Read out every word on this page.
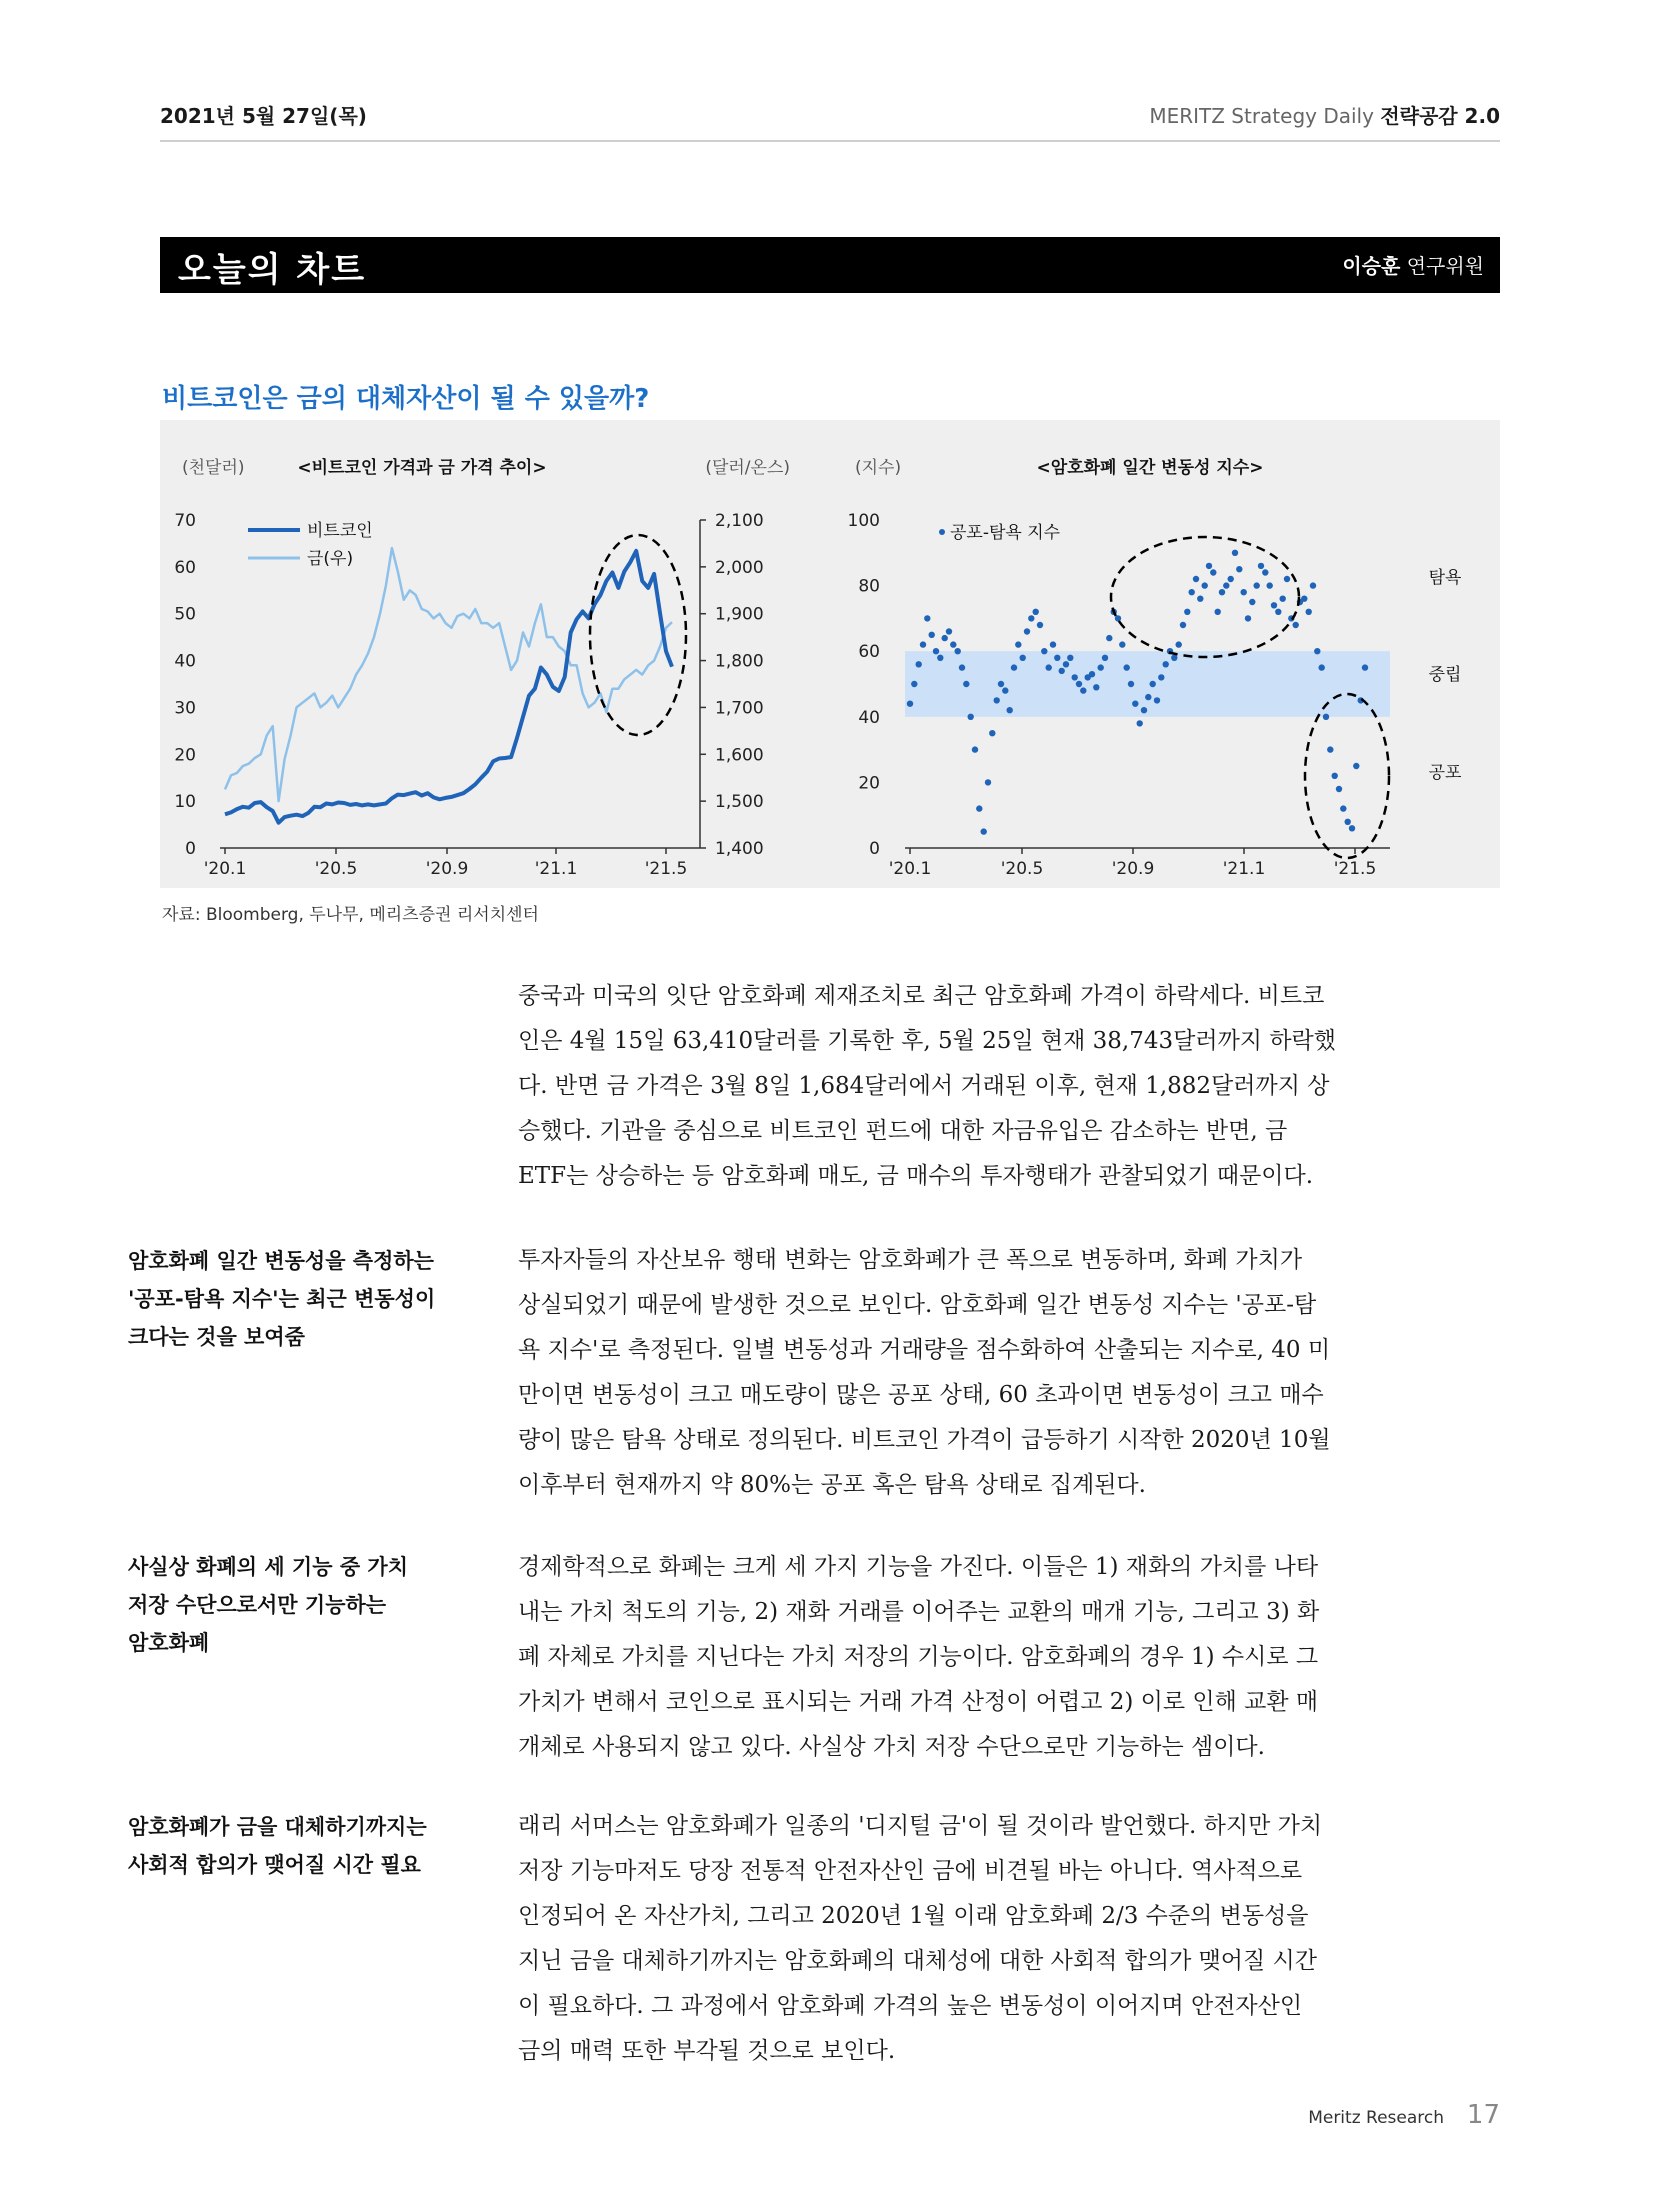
2021년 5월 27일(목)	MERITZ Strategy Daily 전략공감 2.0
오늘의 차트	이승훈 연구위원
비트코인은 금의 대체자산이 될 수 있을까?
(천달러)	<비트코인 가격과 금 가격 추이>	(달러/온스)
0
10
20
30
40
50
60
70
1,400
1,500
1,600
1,700
1,800
1,900
2,000
2,100
'20.1	'20.5	'20.9	'21.1	'21.5
비트코인
금(우)
(지수)	<암호화폐 일간 변동성 지수>
0
20
40
60
80
100
'20.1	'20.5	'20.9	'21.1	'21.5
공포-탐욕 지수
탐욕
중립
공포
자료: Bloomberg, 두나무, 메리츠증권 리서치센터
중국과 미국의 잇단 암호화폐 제재조치로 최근 암호화폐 가격이 하락세다. 비트코
인은 4월 15일 63,410달러를 기록한 후, 5월 25일 현재 38,743달러까지 하락했
다. 반면 금 가격은 3월 8일 1,684달러에서 거래된 이후, 현재 1,882달러까지 상
승했다. 기관을 중심으로 비트코인 펀드에 대한 자금유입은 감소하는 반면, 금
ETF는 상승하는 등 암호화폐 매도, 금 매수의 투자행태가 관찰되었기 때문이다.
암호화폐 일간 변동성을 측정하는
'공포-탐욕 지수'는 최근 변동성이
크다는 것을 보여줌
투자자들의 자산보유 행태 변화는 암호화폐가 큰 폭으로 변동하며, 화폐 가치가
상실되었기 때문에 발생한 것으로 보인다. 암호화폐 일간 변동성 지수는 '공포-탐
욕 지수'로 측정된다. 일별 변동성과 거래량을 점수화하여 산출되는 지수로, 40 미
만이면 변동성이 크고 매도량이 많은 공포 상태, 60 초과이면 변동성이 크고 매수
량이 많은 탐욕 상태로 정의된다. 비트코인 가격이 급등하기 시작한 2020년 10월
이후부터 현재까지 약 80%는 공포 혹은 탐욕 상태로 집계된다.
사실상 화폐의 세 기능 중 가치
저장 수단으로서만 기능하는
암호화폐
경제학적으로 화폐는 크게 세 가지 기능을 가진다. 이들은 1) 재화의 가치를 나타
내는 가치 척도의 기능, 2) 재화 거래를 이어주는 교환의 매개 기능, 그리고 3) 화
폐 자체로 가치를 지닌다는 가치 저장의 기능이다. 암호화폐의 경우 1) 수시로 그
가치가 변해서 코인으로 표시되는 거래 가격 산정이 어렵고 2) 이로 인해 교환 매
개체로 사용되지 않고 있다. 사실상 가치 저장 수단으로만 기능하는 셈이다.
암호화폐가 금을 대체하기까지는
사회적 합의가 맺어질 시간 필요
래리 서머스는 암호화폐가 일종의 '디지털 금'이 될 것이라 발언했다. 하지만 가치
저장 기능마저도 당장 전통적 안전자산인 금에 비견될 바는 아니다. 역사적으로
인정되어 온 자산가치, 그리고 2020년 1월 이래 암호화폐 2/3 수준의 변동성을
지닌 금을 대체하기까지는 암호화폐의 대체성에 대한 사회적 합의가 맺어질 시간
이 필요하다. 그 과정에서 암호화폐 가격의 높은 변동성이 이어지며 안전자산인
금의 매력 또한 부각될 것으로 보인다.
Meritz Research 17
